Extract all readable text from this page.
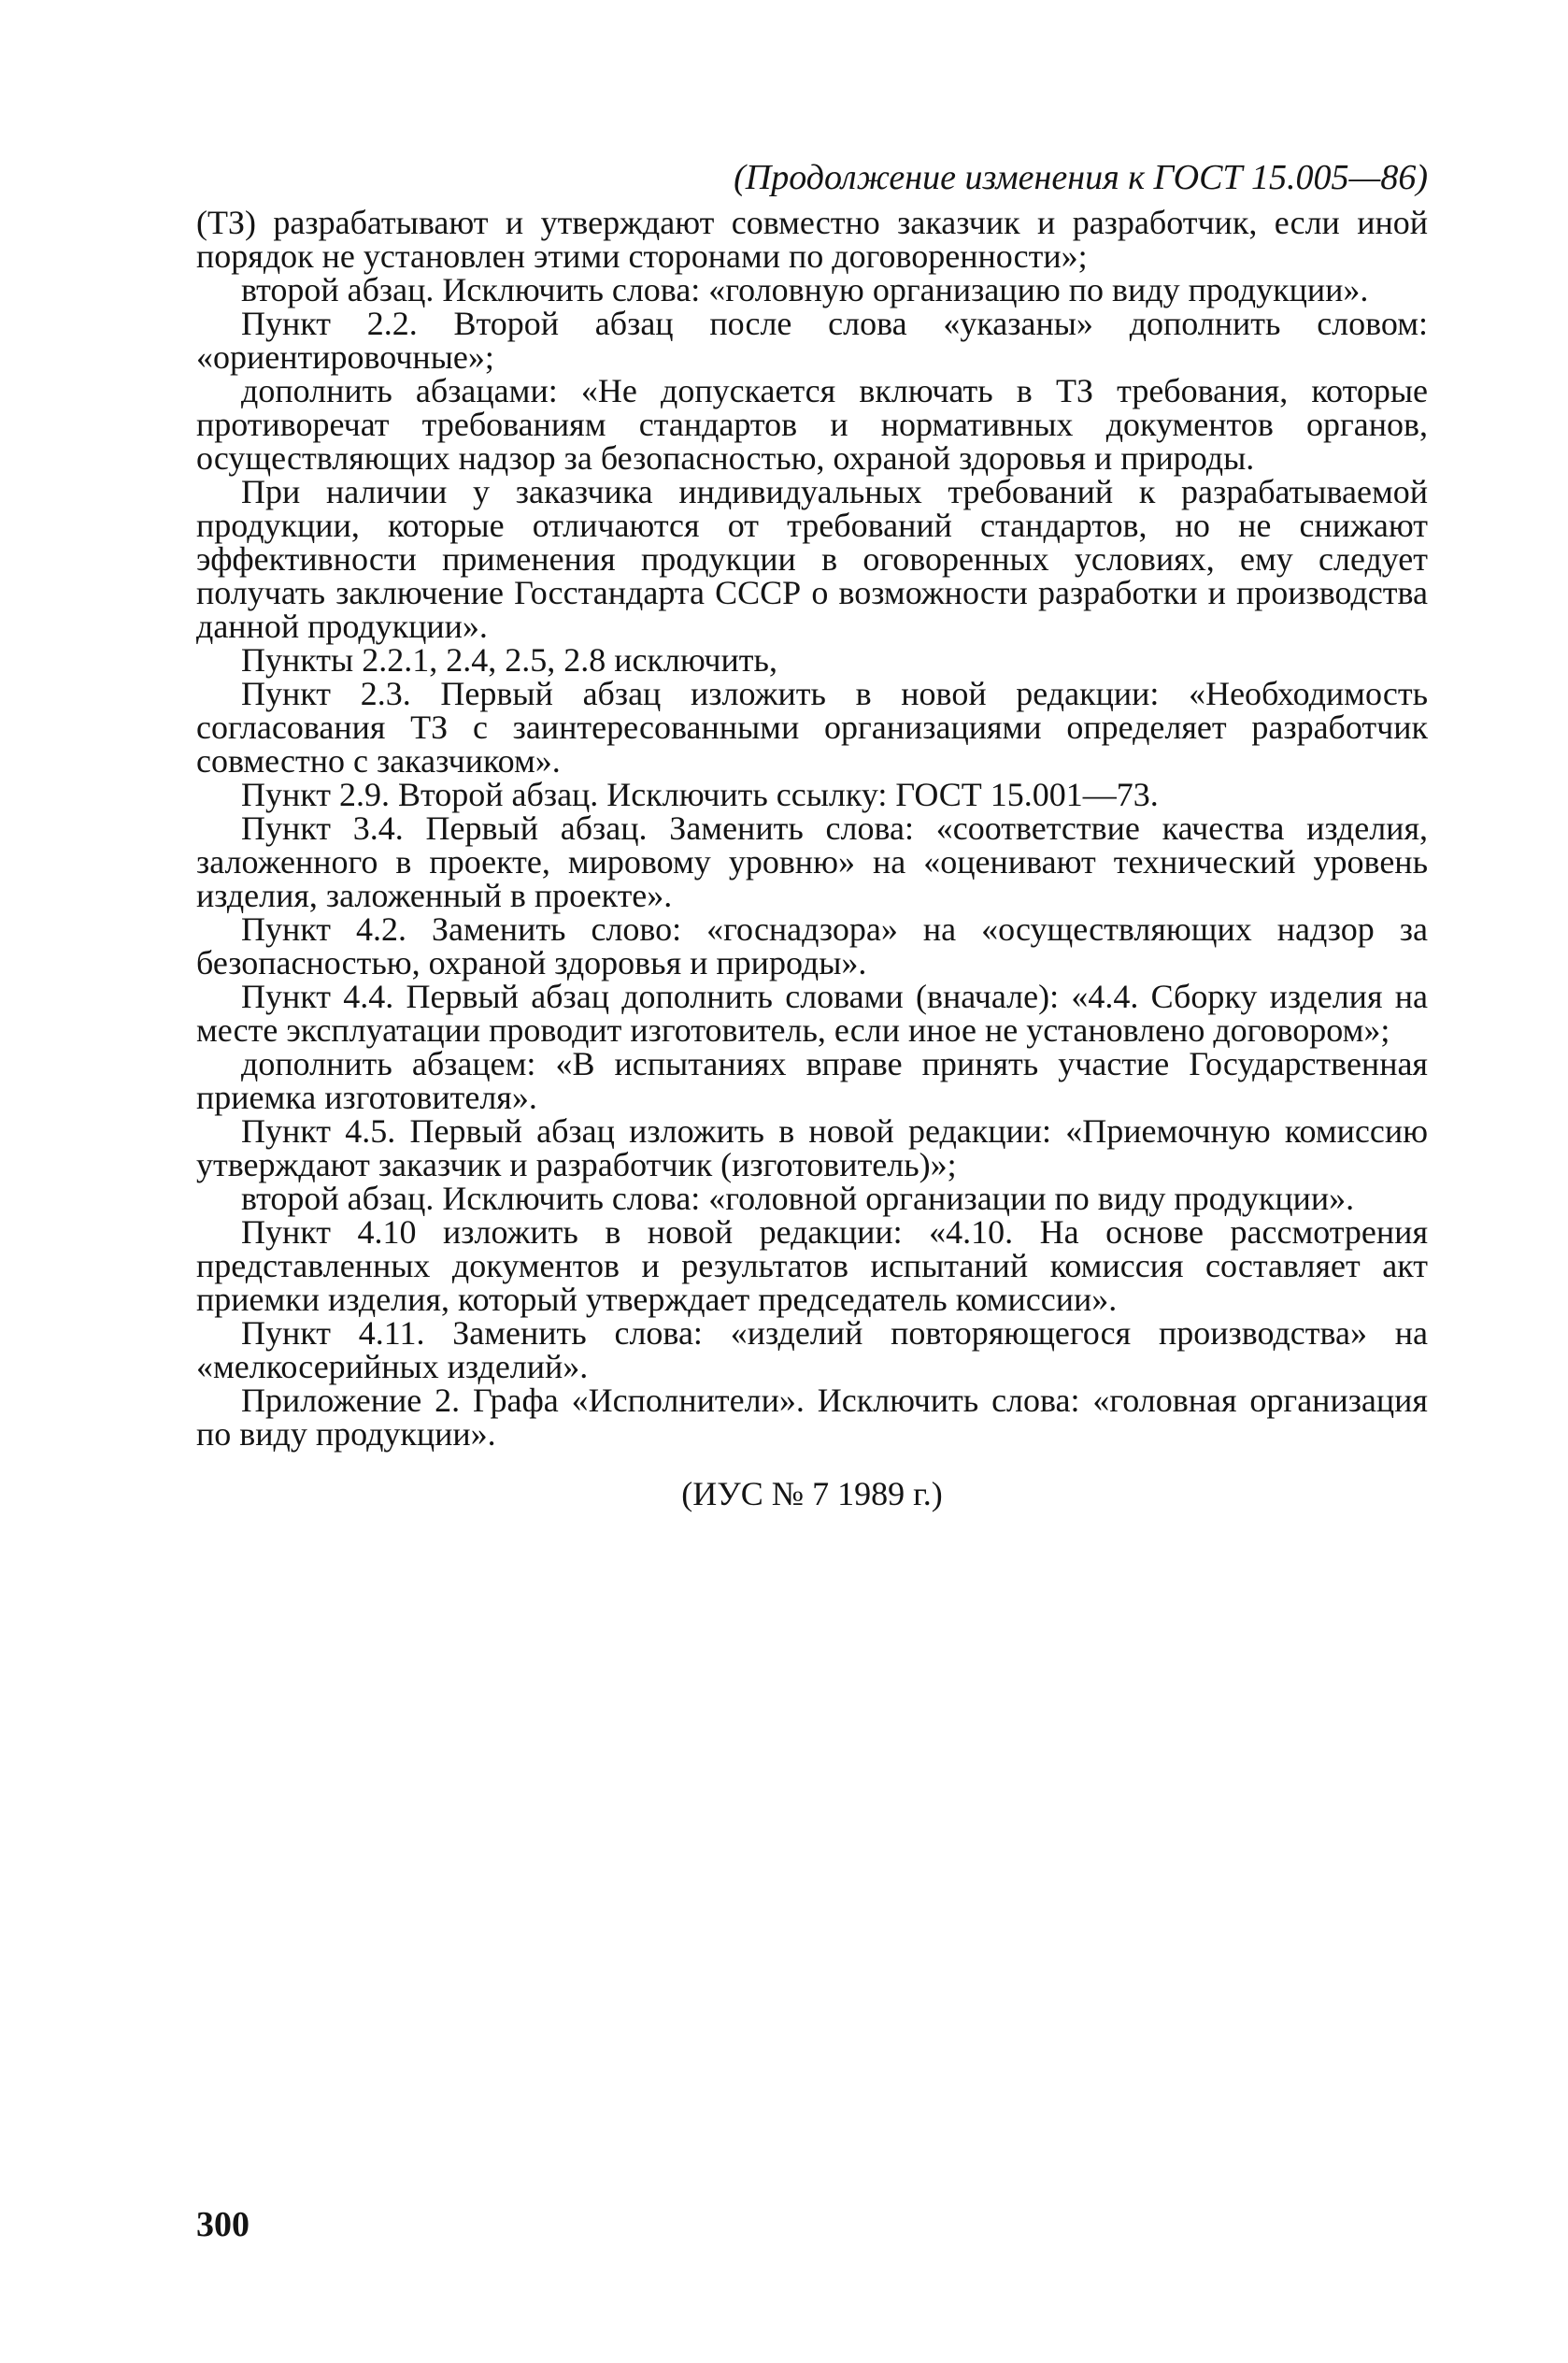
(Продолжение изменения к ГОСТ 15.005—86)

(ТЗ) разрабатывают и утверждают совместно заказчик и разработчик, если иной порядок не установлен этими сторонами по договоренности»;

второй абзац. Исключить слова: «головную организацию по виду продукции».

Пункт 2.2. Второй абзац после слова «указаны» дополнить словом: «ориентировочные»;

дополнить абзацами: «Не допускается включать в ТЗ требования, которые противоречат требованиям стандартов и нормативных документов органов, осуществляющих надзор за безопасностью, охраной здоровья и природы.

При наличии у заказчика индивидуальных требований к разрабатываемой продукции, которые отличаются от требований стандартов, но не снижают эффективности применения продукции в оговоренных условиях, ему следует получать заключение Госстандарта СССР о возможности разработки и производства данной продукции».

Пункты 2.2.1, 2.4, 2.5, 2.8 исключить,

Пункт 2.3. Первый абзац изложить в новой редакции: «Необходимость согласования ТЗ с заинтересованными организациями определяет разработчик совместно с заказчиком».

Пункт 2.9. Второй абзац. Исключить ссылку: ГОСТ 15.001—73.

Пункт 3.4. Первый абзац. Заменить слова: «соответствие качества изделия, заложенного в проекте, мировому уровню» на «оценивают технический уровень изделия, заложенный в проекте».

Пункт 4.2. Заменить слово: «госнадзора» на «осуществляющих надзор за безопасностью, охраной здоровья и природы».

Пункт 4.4. Первый абзац дополнить словами (вначале): «4.4. Сборку изделия на месте эксплуатации проводит изготовитель, если иное не установлено договором»;

дополнить абзацем: «В испытаниях вправе принять участие Государственная приемка изготовителя».

Пункт 4.5. Первый абзац изложить в новой редакции: «Приемочную комиссию утверждают заказчик и разработчик (изготовитель)»;

второй абзац. Исключить слова: «головной организации по виду продукции».

Пункт 4.10 изложить в новой редакции: «4.10. На основе рассмотрения представленных документов и результатов испытаний комиссия составляет акт приемки изделия, который утверждает председатель комиссии».

Пункт 4.11. Заменить слова: «изделий повторяющегося производства» на «мелкосерийных изделий».

Приложение 2. Графа «Исполнители». Исключить слова: «головная организация по виду продукции».

(ИУС № 7 1989 г.)
300
